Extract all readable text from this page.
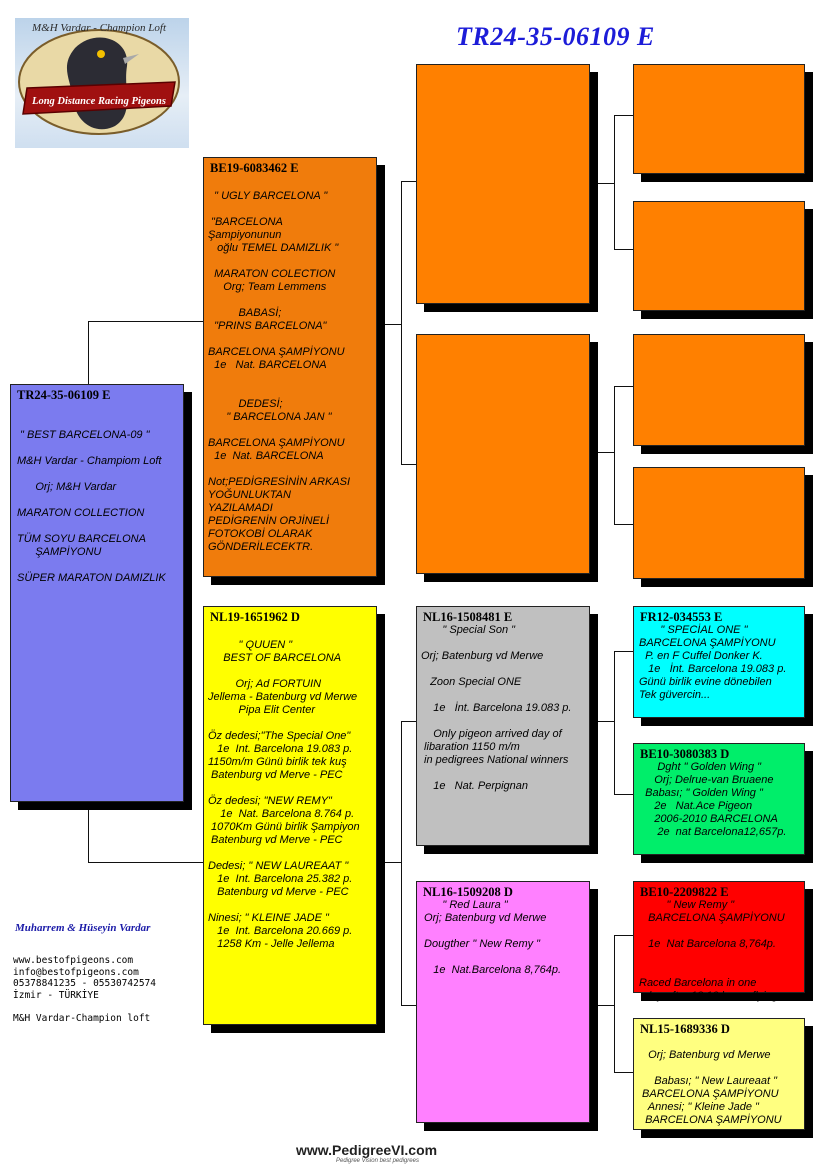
TR24-35-06109 E
M&H Vardar - Champion Loft
Long Distance Racing Pigeons
TR24-35-06109 E
" BEST BARCELONA-09 "

M&H Vardar - Champiom Loft

Orj; M&H Vardar

MARATON COLLECTION

TÜM SOYU BARCELONA
ŞAMPİYONU

SÜPER MARATON DAMIZLIK
BE19-6083462 E
" UGLY BARCELONA "

"BARCELONA
Şampiyonunun
oğlu TEMEL DAMIZLIK "

MARATON COLECTION
Org; Team Lemmens

BABASİ;
"PRINS BARCELONA"

BARCELONA ŞAMPİYONU
1e   Nat. BARCELONA

DEDESİ;
" BARCELONA JAN "

BARCELONA ŞAMPİYONU
1e  Nat. BARCELONA

Not;PEDİGRESİNİN ARKASI
YOĞUNLUKTAN
YAZILAMADI
PEDİGRENİN ORJİNELİ
FOTOKOBİ OLARAK
GÖNDERİLECEKTR.
NL19-1651962 D
" QUUEN "
BEST OF BARCELONA

Orj; Ad FORTUIN
Jellema - Batenburg vd Merwe
Pipa Elit Center

Öz dedesi;"The Special One"
1e  Int. Barcelona 19.083 p.
1150m/m Günü birlik tek kuş
Batenburg vd Merve - PEC

Öz dedesi; "NEW REMY"
1e  Nat. Barcelona 8.764 p.
1070Km Günü birlik Şampiyon
Batenburg vd Merve - PEC

Dedesi; " NEW LAUREAAT "
1e  Int. Barcelona 25.382 p.
Batenburg vd Merve - PEC

Ninesi; " KLEINE JADE "
1e  Int. Barcelona 20.669 p.
1258 Km - Jelle Jellema
NL16-1508481 E
" Special Son "

Orj; Batenburg vd Merwe

Zoon Special ONE

1e   İnt. Barcelona 19.083 p.

Only pigeon arrived day of
libaration 1150 m/m
in pedigrees National winners

1e   Nat. Perpignan
NL16-1509208 D
" Red Laura "
Orj; Batenburg vd Merwe

Dougther " New Remy "

1e  Nat.Barcelona 8,764p.
FR12-034553 E
" SPECİAL ONE "
BARCELONA ŞAMPİYONU
P. en F Cuffel Donker K.
1e   İnt. Barcelona 19.083 p.
Günü birlik evine dönebilen
Tek güvercin...
BE10-3080383 D
Dght " Golden Wing "
Orj; Delrue-van Bruaene
Babası; " Golden Wing "
2e   Nat.Ace Pigeon
2006-2010 BARCELONA
2e  nat Barcelona12,657p.
BE10-2209822 E
" New Remy "
BARCELONA ŞAMPİYONU

1e  Nat Barcelona 8,764p.

Raced Barcelona in one
day after 13,10 hours flying.
NL15-1689336 D

Orj; Batenburg vd Merwe

Babası; " New Laureaat "
BARCELONA ŞAMPİYONU
Annesi; " Kleine Jade "
BARCELONA ŞAMPİYONU
Muharrem & Hüseyin Vardar
www.bestofpigeons.com
info@bestofpigeons.com
05378841235 - 05530742574
İzmir - TÜRKİYE

M&H Vardar-Champion loft
www.PedigreeVI.com
Pedigree Vision best pedigrees
